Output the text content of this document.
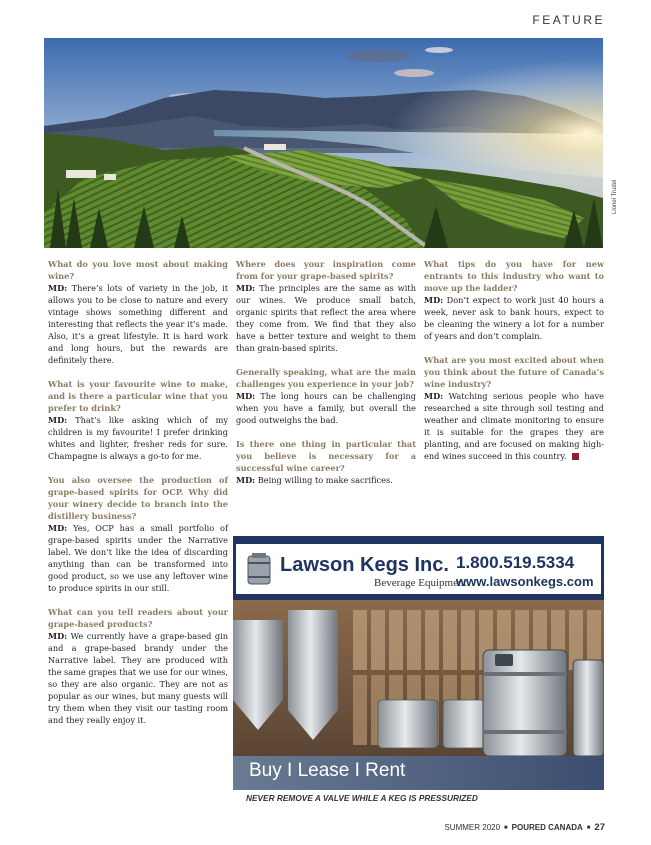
FEATURE
Lionel Trudel

What do you love most about making wine?

MD: There’s lots of variety in the job, it allows you to be close to nature and every vintage shows something different and interesting that reflects the year it’s made. Also, it’s a great lifestyle. It is hard work and long hours, but the rewards are definitely there.

What is your favourite wine to make, and is there a particular wine that you prefer to drink?

MD: That’s like asking which of my children is my favourite! I prefer drinking whites and lighter, fresher reds for sure. Champagne is always a go-to for me.

You also oversee the production of grape-based spirits for OCP. Why did your winery decide to branch into the distillery business?

MD: Yes, OCP has a small portfolio of grape-based spirits under the Narrative label. We don’t like the idea of discarding anything than can be transformed into good product, so we use any leftover wine to produce spirits in our still.

What can you tell readers about your grape-based products?

MD: We currently have a grape-based gin and a grape-based brandy under the Narrative label. They are produced with the same grapes that we use for our wines, so they are also organic. They are not as popular as our wines, but many guests will try them when they visit our tasting room and they really enjoy it.

Where does your inspiration come from for your grape-based spirits?

MD: The principles are the same as with our wines. We produce small batch, organic spirits that reflect the area where they come from. We find that they also have a better texture and weight to them than grain-based spirits.

Generally speaking, what are the main challenges you experience in your job?

MD: The long hours can be challenging when you have a family, but overall the good outweighs the bad.

Is there one thing in particular that you believe is necessary for a successful wine career?

MD: Being willing to make sacrifices.

What tips do you have for new entrants to this industry who want to move up the ladder?

MD: Don’t expect to work just 40 hours a week, never ask to bank hours, expect to be cleaning the winery a lot for a number of years and don’t complain.

What are you most excited about when you think about the future of Canada’s wine industry?

MD: Watching serious people who have researched a site through soil testing and weather and climate monitoring to ensure it is suitable for the grapes they are planting, and are focused on making high-end wines succeed in this country.

Lawson Kegs Inc.
Beverage Equipment
1.800.519.5334
www.lawsonkegs.com
Buy I Lease I Rent
NEVER REMOVE A VALVE WHILE A KEG IS PRESSURIZED
SUMMER 2020 ■ POURED CANADA ■ 27
